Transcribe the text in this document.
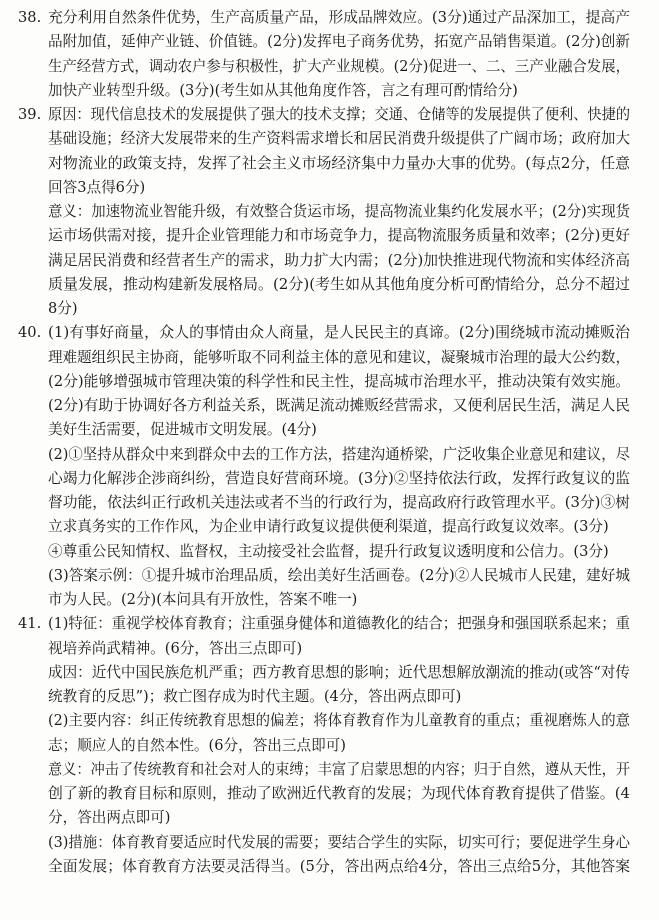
38. 充分利用自然条件优势，生产高质量产品，形成品牌效应。(3分)通过产品深加工，提高产
品附加值，延伸产业链、价值链。(2分)发挥电子商务优势，拓宽产品销售渠道。(2分)创新
生产经营方式，调动农户参与积极性，扩大产业规模。(2分)促进一、二、三产业融合发展，
加快产业转型升级。(3分)(考生如从其他角度作答，言之有理可酌情给分)
39. 原因：现代信息技术的发展提供了强大的技术支撑；交通、仓储等的发展提供了便利、快捷的
基础设施；经济大发展带来的生产资料需求增长和居民消费升级提供了广阔市场；政府加大
对物流业的政策支持，发挥了社会主义市场经济集中力量办大事的优势。(每点2分，任意
回答3点得6分)
意义：加速物流业智能升级，有效整合货运市场，提高物流业集约化发展水平；(2分)实现货
运市场供需对接，提升企业管理能力和市场竞争力，提高物流服务质量和效率；(2分)更好
满足居民消费和经营者生产的需求，助力扩大内需；(2分)加快推进现代物流和实体经济高
质量发展，推动构建新发展格局。(2分)(考生如从其他角度分析可酌情给分，总分不超过
8分)
40. (1)有事好商量，众人的事情由众人商量，是人民民主的真谛。(2分)围绕城市流动摊贩治
理难题组织民主协商，能够听取不同利益主体的意见和建议，凝聚城市治理的最大公约数，
(2分)能够增强城市管理决策的科学性和民主性，提高城市治理水平，推动决策有效实施。
(2分)有助于协调好各方利益关系，既满足流动摊贩经营需求，又便利居民生活，满足人民
美好生活需要，促进城市文明发展。(4分)
(2)①坚持从群众中来到群众中去的工作方法，搭建沟通桥梁，广泛收集企业意见和建议，尽
心竭力化解涉企涉商纠纷，营造良好营商环境。(3分)②坚持依法行政，发挥行政复议的监
督功能，依法纠正行政机关违法或者不当的行政行为，提高政府行政管理水平。(3分)③树
立求真务实的工作作风，为企业申请行政复议提供便利渠道，提高行政复议效率。(3分)
④尊重公民知情权、监督权，主动接受社会监督，提升行政复议透明度和公信力。(3分)
(3)答案示例：①提升城市治理品质，绘出美好生活画卷。(2分)②人民城市人民建，建好城
市为人民。(2分)(本问具有开放性，答案不唯一)
41. (1)特征：重视学校体育教育；注重强身健体和道德教化的结合；把强身和强国联系起来；重
视培养尚武精神。(6分，答出三点即可)
成因：近代中国民族危机严重；西方教育思想的影响；近代思想解放潮流的推动(或答“对传
统教育的反思”)；救亡图存成为时代主题。(4分，答出两点即可)
(2)主要内容：纠正传统教育思想的偏差；将体育教育作为儿童教育的重点；重视磨炼人的意
志；顺应人的自然本性。(6分，答出三点即可)
意义：冲击了传统教育和社会对人的束缚；丰富了启蒙思想的内容；归于自然，遵从天性，开
创了新的教育目标和原则，推动了欧洲近代教育的发展；为现代体育教育提供了借鉴。(4
分，答出两点即可)
(3)措施：体育教育要适应时代发展的需要；要结合学生的实际，切实可行；要促进学生身心
全面发展；体育教育方法要灵活得当。(5分，答出两点给4分，答出三点给5分，其他答案
